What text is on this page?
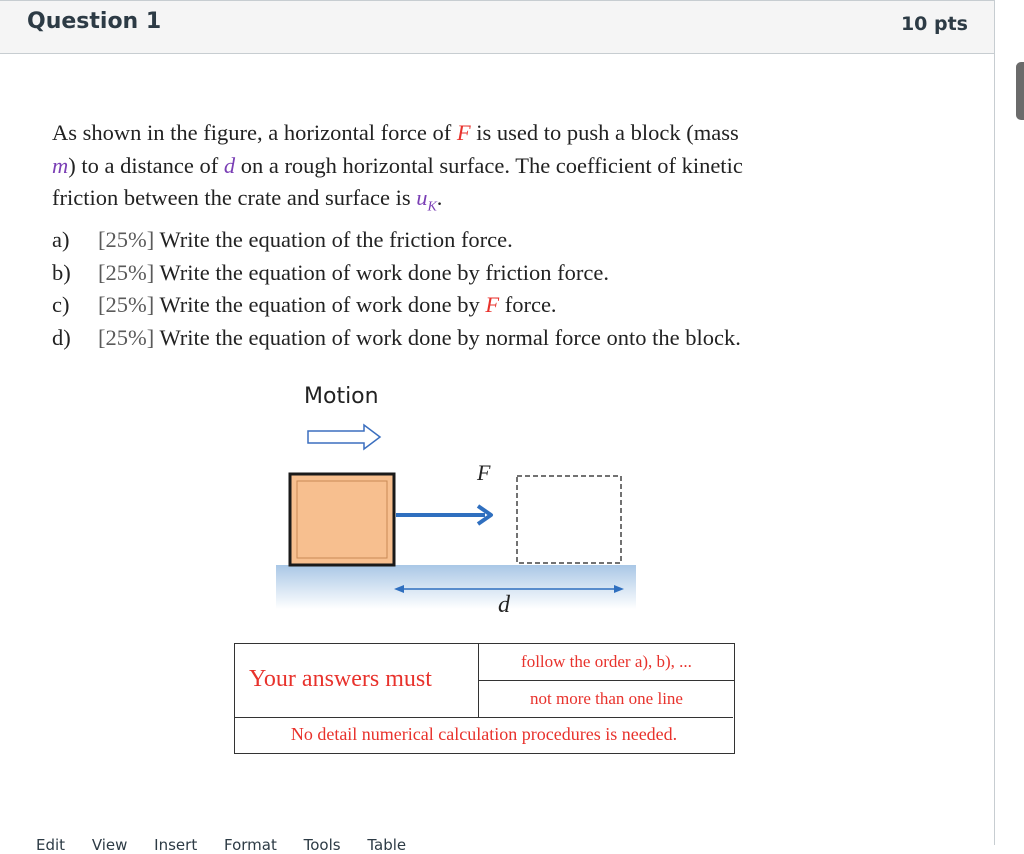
Question 1	10 pts
As shown in the figure, a horizontal force of F is used to push a block (mass
m) to a distance of d on a rough horizontal surface. The coefficient of kinetic
friction between the crate and surface is $u_K$.
a) [25%] Write the equation of the friction force.
b) [25%] Write the equation of work done by friction force.
c) [25%] Write the equation of work done by F force.
d) [25%] Write the equation of work done by normal force onto the block.
Motion
F
d
Your answers must
follow the order a), b), ...
not more than one line
No detail numerical calculation procedures is needed.
Edit View Insert Format Tools Table
